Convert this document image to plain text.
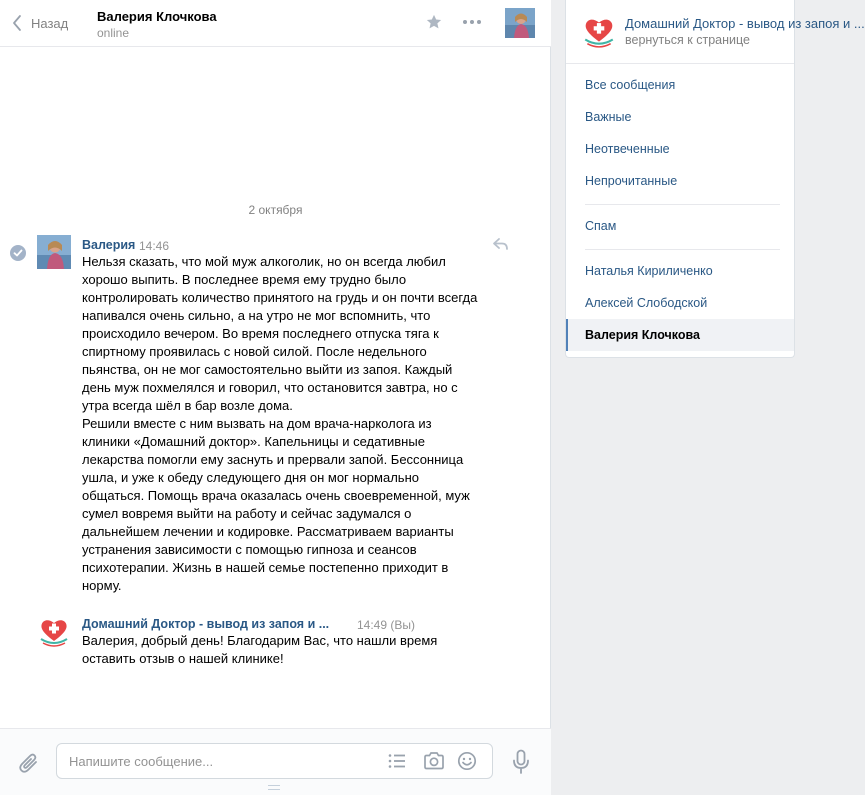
Назад Валерия Клочкова
online
2 октября
Валерия 14:46
Нельзя сказать, что мой муж алкоголик, но он всегда любил хорошо выпить. В последнее время ему трудно было контролировать количество принятого на грудь и он почти всегда напивался очень сильно, а на утро не мог вспомнить, что происходило вечером. Во время последнего отпуска тяга к спиртному проявилась с новой силой. После недельного пьянства, он не мог самостоятельно выйти из запоя. Каждый день муж похмелялся и говорил, что остановится завтра, но с утра всегда шёл в бар возле дома.
Решили вместе с ним вызвать на дом врача-нарколога из клиники «Домашний доктор». Капельницы и седативные лекарства помогли ему заснуть и прервали запой. Бессонница ушла, и уже к обеду следующего дня он мог нормально общаться. Помощь врача оказалась очень своевременной, муж сумел вовремя выйти на работу и сейчас задумался о дальнейшем лечении и кодировке. Рассматриваем варианты устранения зависимости с помощью гипноза и сеансов психотерапии. Жизнь в нашей семье постепенно приходит в норму.
Домашний Доктор - вывод из запоя и ... 14:49 (Вы)
Валерия, добрый день! Благодарим Вас, что нашли время оставить отзыв о нашей клинике!
Напишите сообщение...
Домашний Доктор - вывод из запоя и ...
вернуться к странице
Все сообщения
Важные
Неотвеченные
Непрочитанные
Спам
Наталья Кириличенко
Алексей Слободской
Валерия Клочкова
